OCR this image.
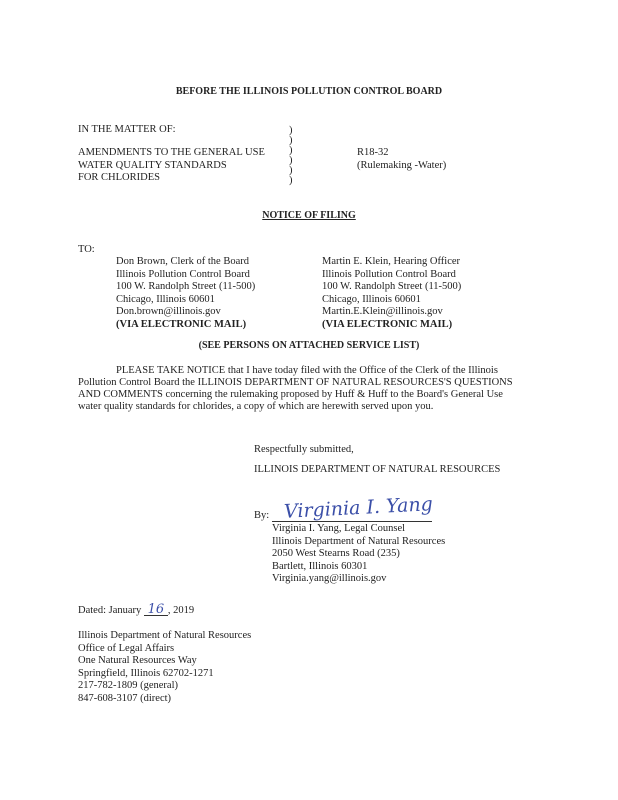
BEFORE THE ILLINOIS POLLUTION CONTROL BOARD
IN THE MATTER OF:
AMENDMENTS TO THE GENERAL USE
WATER QUALITY STANDARDS
FOR CHLORIDES
)
)
)
)
)
)
R18-32
(Rulemaking -Water)
NOTICE OF FILING
TO:
Don Brown, Clerk of the Board
Illinois Pollution Control Board
100 W. Randolph Street (11-500)
Chicago, Illinois 60601
Don.brown@illinois.gov
(VIA ELECTRONIC MAIL)
Martin E. Klein, Hearing Officer
Illinois Pollution Control Board
100 W. Randolph Street (11-500)
Chicago, Illinois 60601
Martin.E.Klein@illinois.gov
(VIA ELECTRONIC MAIL)
(SEE PERSONS ON ATTACHED SERVICE LIST)
PLEASE TAKE NOTICE that I have today filed with the Office of the Clerk of the Illinois
Pollution Control Board the ILLINOIS DEPARTMENT OF NATURAL RESOURCES'S QUESTIONS
AND COMMENTS concerning the rulemaking proposed by Huff & Huff to the Board's General Use
water quality standards for chlorides, a copy of which are herewith served upon you.
Respectfully submitted,
ILLINOIS DEPARTMENT OF NATURAL RESOURCES
By: Virginia I. Yang
Virginia I. Yang, Legal Counsel
Illinois Department of Natural Resources
2050 West Stearns Road (235)
Bartlett, Illinois 60301
Virginia.yang@illinois.gov
Dated: January 16 , 2019
Illinois Department of Natural Resources
Office of Legal Affairs
One Natural Resources Way
Springfield, Illinois 62702-1271
217-782-1809 (general)
847-608-3107 (direct)
